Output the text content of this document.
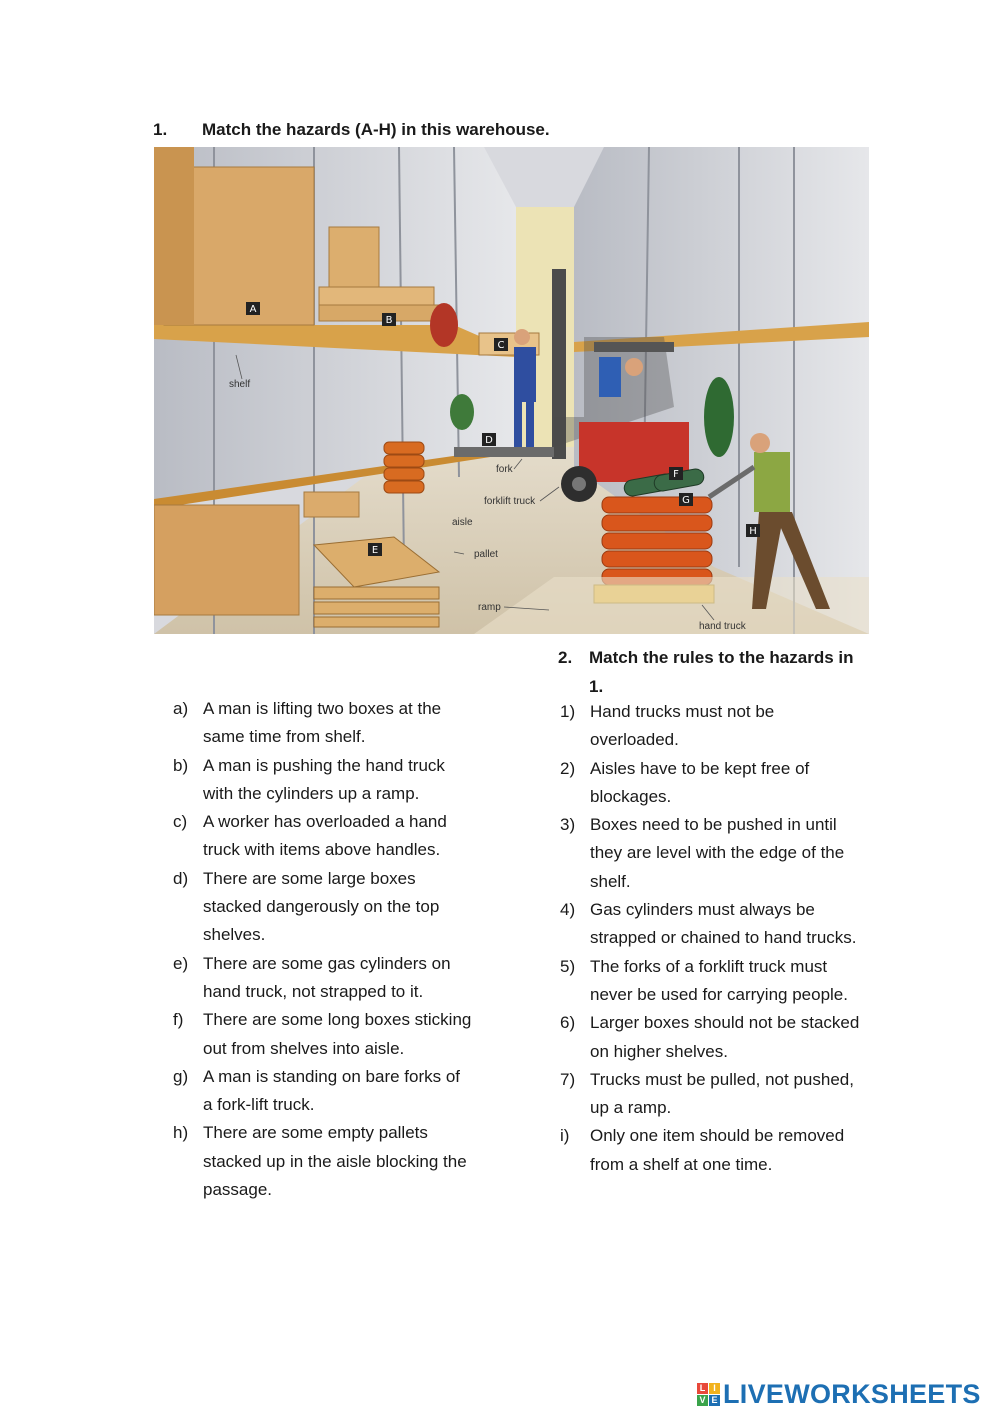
1. Match the hazards (A-H) in this warehouse.
A
B
C
D
E
F
G
H
shelf
fork
forklift truck
aisle
pallet
ramp
hand truck
2. Match the rules to the hazards in 1.
a) A man is lifting two boxes at the same time from shelf.
b) A man is pushing the hand truck with the cylinders up a ramp.
c) A worker has overloaded a hand truck with items above handles.
d) There are some large boxes stacked dangerously on the top shelves.
e) There are some gas cylinders on hand truck, not strapped to it.
f) There are some long boxes sticking out from shelves into aisle.
g) A man is standing on bare forks of a fork-lift truck.
h) There are some empty pallets stacked up in the aisle blocking the passage.
1) Hand trucks must not be overloaded.
2) Aisles have to be kept free of blockages.
3) Boxes need to be pushed in until they are level with the edge of the shelf.
4) Gas cylinders must always be strapped or chained to hand trucks.
5) The forks of a forklift truck must never be used for carrying people.
6) Larger boxes should not be stacked on higher shelves.
7) Trucks must be pulled, not pushed, up a ramp.
i) Only one item should be removed from a shelf at one time.
L I
V E LIVEWORKSHEETS
